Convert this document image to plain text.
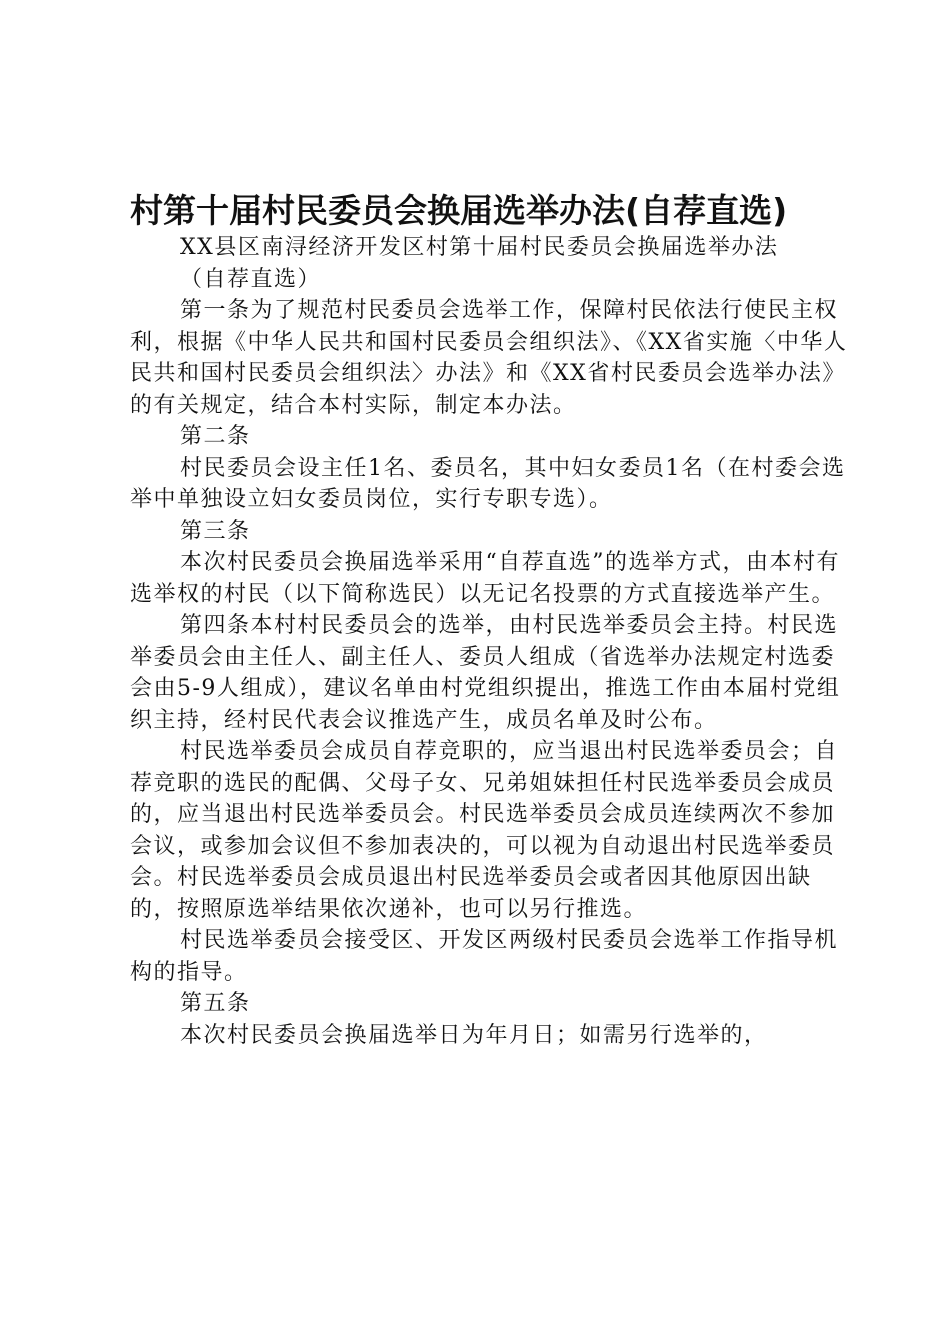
村第十届村民委员会换届选举办法(自荐直选)

XX县区南浔经济开发区村第十届村民委员会换届选举办法

（自荐直选）

第一条为了规范村民委员会选举工作，保障村民依法行使民主权利，根据《中华人民共和国村民委员会组织法》、《XX省实施〈中华人民共和国村民委员会组织法〉办法》和《XX省村民委员会选举办法》的有关规定，结合本村实际，制定本办法。

第二条

村民委员会设主任1名、委员名，其中妇女委员1名（在村委会选举中单独设立妇女委员岗位，实行专职专选）。

第三条

本次村民委员会换届选举采用“自荐直选”的选举方式，由本村有选举权的村民（以下简称选民）以无记名投票的方式直接选举产生。

第四条本村村民委员会的选举，由村民选举委员会主持。村民选举委员会由主任人、副主任人、委员人组成（省选举办法规定村选委会由5-9人组成），建议名单由村党组织提出，推选工作由本届村党组织主持，经村民代表会议推选产生，成员名单及时公布。

村民选举委员会成员自荐竞职的，应当退出村民选举委员会；自荐竞职的选民的配偶、父母子女、兄弟姐妹担任村民选举委员会成员的，应当退出村民选举委员会。村民选举委员会成员连续两次不参加会议，或参加会议但不参加表决的，可以视为自动退出村民选举委员会。村民选举委员会成员退出村民选举委员会或者因其他原因出缺的，按照原选举结果依次递补，也可以另行推选。

村民选举委员会接受区、开发区两级村民委员会选举工作指导机构的指导。

第五条

本次村民委员会换届选举日为年月日；如需另行选举的，
